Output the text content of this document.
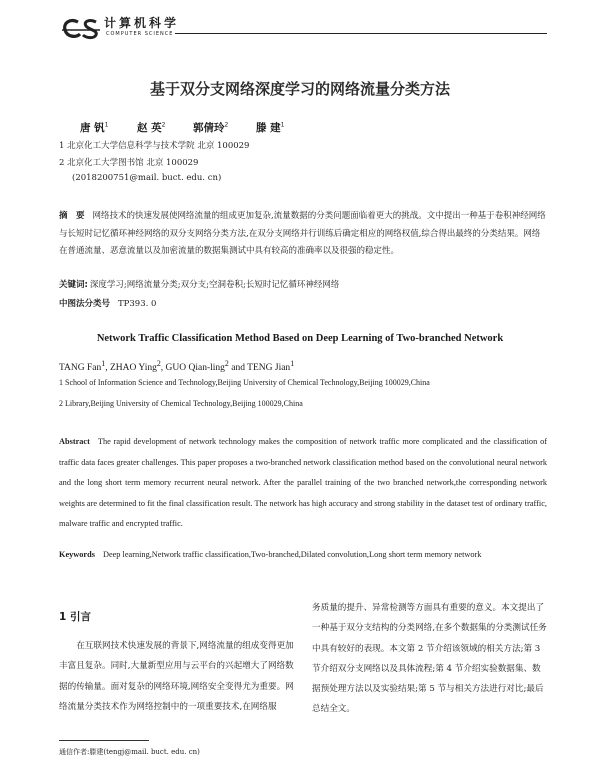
计算机科学
COMPUTER SCIENCE
基于双分支网络深度学习的网络流量分类方法
唐 钒$^1$	赵 英$^2$	郭倩玲$^2$	滕 建$^1$
1 北京化工大学信息科学与技术学院 北京 100029
2 北京化工大学图书馆 北京 100029
(2018200751@mail. buct. edu. cn)
摘　要 网络技术的快速发展使网络流量的组成更加复杂,流量数据的分类问题面临着更大的挑战。文中提出一种基于卷积神经网络与长短时记忆循环神经网络的双分支网络分类方法,在双分支网络并行训练后确定相应的网络权值,综合得出最终的分类结果。网络在普通流量、恶意流量以及加密流量的数据集测试中具有较高的准确率以及很强的稳定性。
关键词: 深度学习;网络流量分类;双分支;空洞卷积;长短时记忆循环神经网络
中图法分类号 TP393. 0
Network Traffic Classification Method Based on Deep Learning of Two-branched Network
TANG Fan$^1$, ZHAO Ying$^2$, GUO Qian-ling$^2$ and TENG Jian$^1$
1 School of Information Science and Technology,Beijing University of Chemical Technology,Beijing 100029,China
2 Library,Beijing University of Chemical Technology,Beijing 100029,China
Abstract The rapid development of network technology makes the composition of network traffic more complicated and the classification of traffic data faces greater challenges. This paper proposes a two-branched network classification method based on the convolutional neural network and the long short term memory recurrent neural network. After the parallel training of the two branched network,the corresponding network weights are determined to fit the final classification result. The network has high accuracy and strong stability in the dataset test of ordinary traffic, malware traffic and encrypted traffic.
Keywords Deep learning,Network traffic classification,Two-branched,Dilated convolution,Long short term memory network
1 引言
在互联网技术快速发展的背景下,网络流量的组成变得更加丰富且复杂。同时,大量新型应用与云平台的兴起增大了网络数据的传输量。面对复杂的网络环境,网络安全变得尤为重要。网络流量分类技术作为网络控制中的一项重要技术,在网络服
务质量的提升、异常检测等方面具有重要的意义。本文提出了一种基于双分支结构的分类网络,在多个数据集的分类测试任务中具有较好的表现。本文第 2 节介绍该领域的相关方法;第 3 节介绍双分支网络以及具体流程;第 4 节介绍实验数据集、数据预处理方法以及实验结果;第 5 节与相关方法进行对比;最后总结全文。
通信作者:滕建(tengj@mail. buct. edu. cn)
